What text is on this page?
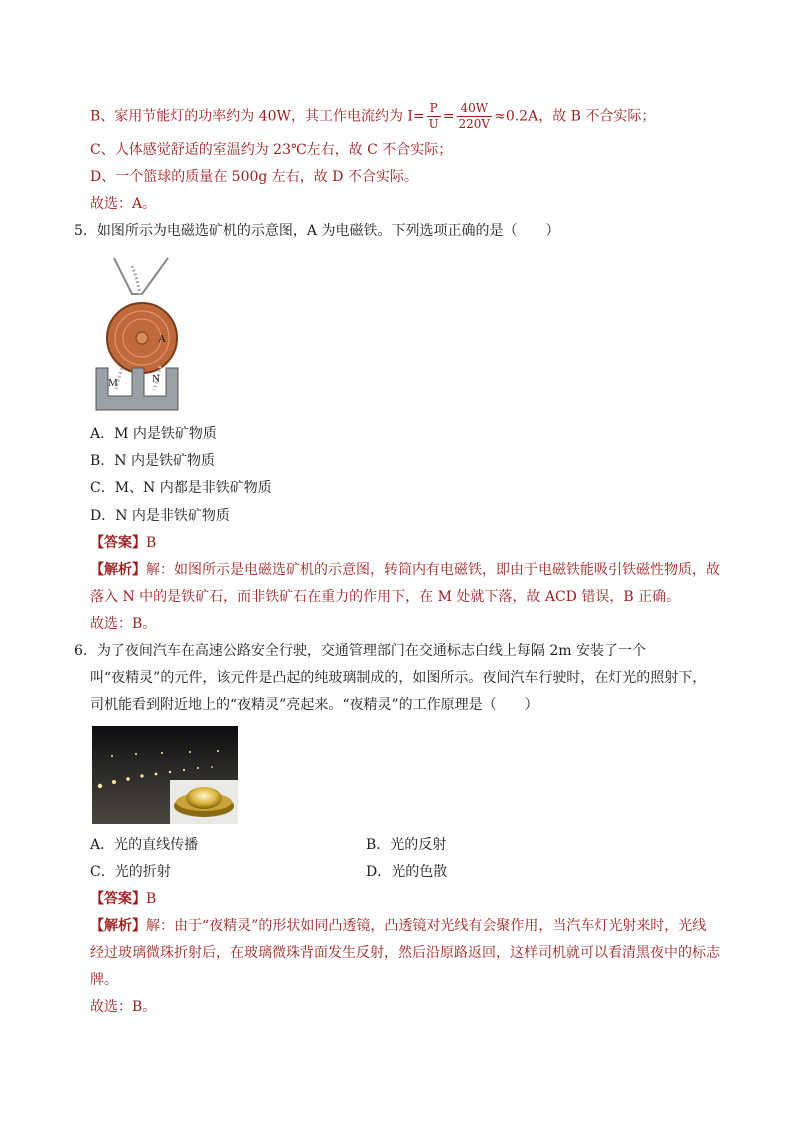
B、家用节能灯的功率约为 40W，其工作电流约为 $I= \frac{P}{U} = \frac{40W}{220V} \approx 0.2A$，故 B 不合实际；
C、人体感觉舒适的室温约为 23℃左右，故 C 不合实际；
D、一个篮球的质量在 500g 左右，故 D 不合实际。
故选：A。
5．如图所示为电磁选矿机的示意图，A 为电磁铁。下列选项正确的是（　　）
A
M	N
A．M 内是铁矿物质
B．N 内是铁矿物质
C．M、N 内都是非铁矿物质
D．N 内是非铁矿物质
【答案】B
【解析】解：如图所示是电磁选矿机的示意图，转筒内有电磁铁，即由于电磁铁能吸引铁磁性物质，故
落入 N 中的是铁矿石，而非铁矿石在重力的作用下，在 M 处就下落，故 ACD 错误，B 正确。
故选：B。
6．为了夜间汽车在高速公路安全行驶，交通管理部门在交通标志白线上每隔 2m 安装了一个
叫“夜精灵”的元件，该元件是凸起的纯玻璃制成的，如图所示。夜间汽车行驶时，在灯光的照射下，
司机能看到附近地上的“夜精灵”亮起来。“夜精灵”的工作原理是（　　）
A．光的直线传播	B．光的反射
C．光的折射	D．光的色散
【答案】B
【解析】解：由于“夜精灵”的形状如同凸透镜，凸透镜对光线有会聚作用，当汽车灯光射来时，光线
经过玻璃微珠折射后，在玻璃微珠背面发生反射，然后沿原路返回，这样司机就可以看清黑夜中的标志
牌。
故选：B。
